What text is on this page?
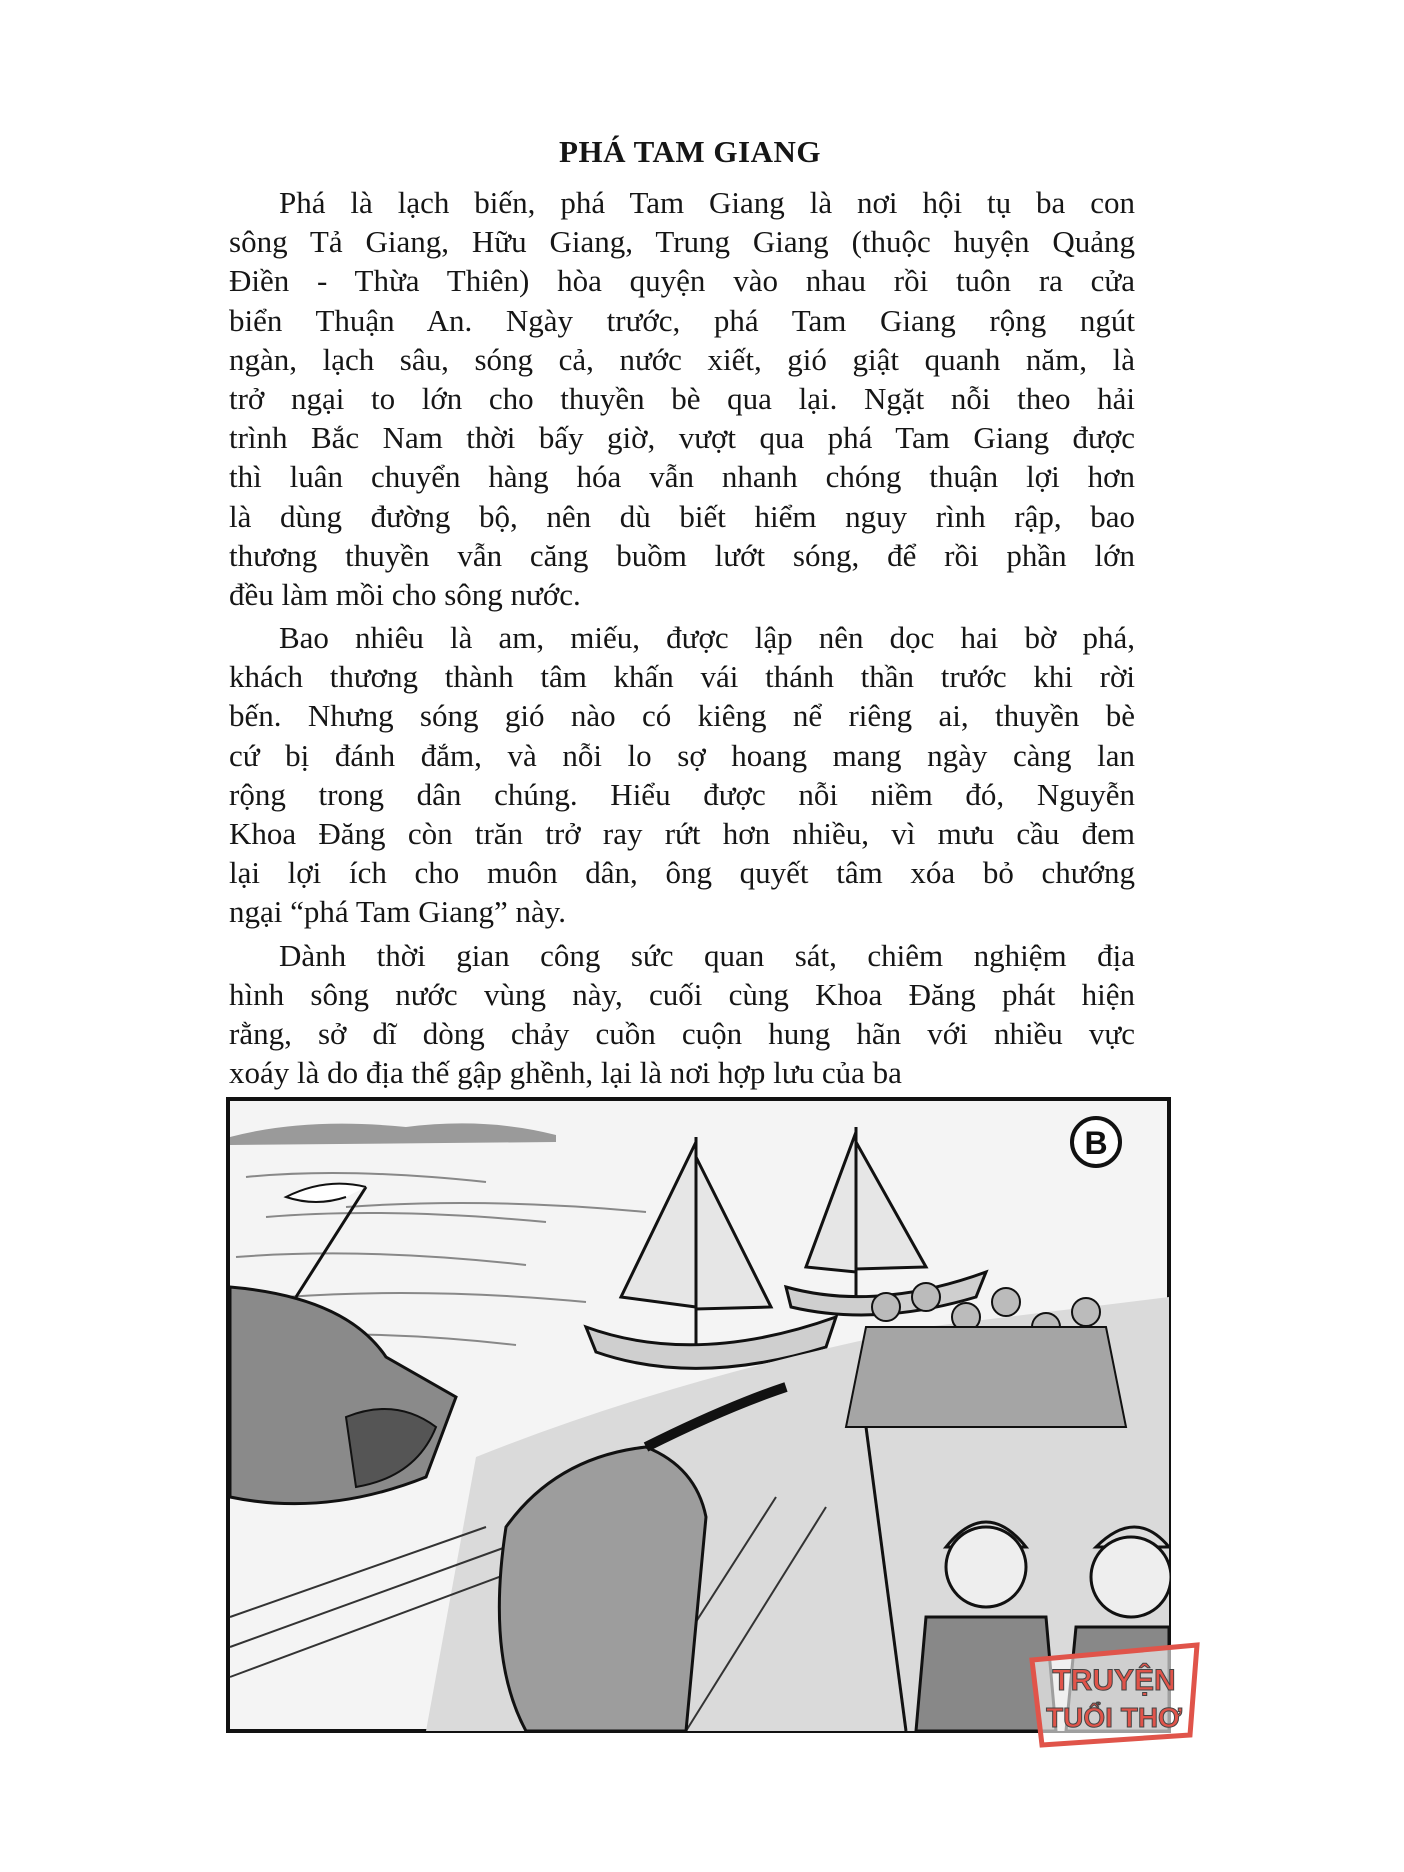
PHÁ TAM GIANG
Phá là lạch biến, phá Tam Giang là nơi hội tụ ba con
sông Tả Giang, Hữu Giang, Trung Giang (thuộc huyện Quảng
Điền - Thừa Thiên) hòa quyện vào nhau rồi tuôn ra cửa
biển Thuận An. Ngày trước, phá Tam Giang rộng ngút
ngàn, lạch sâu, sóng cả, nước xiết, gió giật quanh năm, là
trở ngại to lớn cho thuyền bè qua lại. Ngặt nỗi theo hải
trình Bắc Nam thời bấy giờ, vượt qua phá Tam Giang được
thì luân chuyển hàng hóa vẫn nhanh chóng thuận lợi hơn
là dùng đường bộ, nên dù biết hiểm nguy rình rập, bao
thương thuyền vẫn căng buồm lướt sóng, để rồi phần lớn
đều làm mồi cho sông nước.
Bao nhiêu là am, miếu, được lập nên dọc hai bờ phá,
khách thương thành tâm khấn vái thánh thần trước khi rời
bến. Nhưng sóng gió nào có kiêng nể riêng ai, thuyền bè
cứ bị đánh đắm, và nỗi lo sợ hoang mang ngày càng lan
rộng trong dân chúng. Hiểu được nỗi niềm đó, Nguyễn
Khoa Đăng còn trăn trở ray rứt hơn nhiều, vì mưu cầu đem
lại lợi ích cho muôn dân, ông quyết tâm xóa bỏ chướng
ngại “phá Tam Giang” này.
Dành thời gian công sức quan sát, chiêm nghiệm địa
hình sông nước vùng này, cuối cùng Khoa Đăng phát hiện
rằng, sở dĩ dòng chảy cuồn cuộn hung hãn với nhiều vực
xoáy là do địa thế gập ghềnh, lại là nơi hợp lưu của ba
B
TRUYỆN
TUỔI THƠ
